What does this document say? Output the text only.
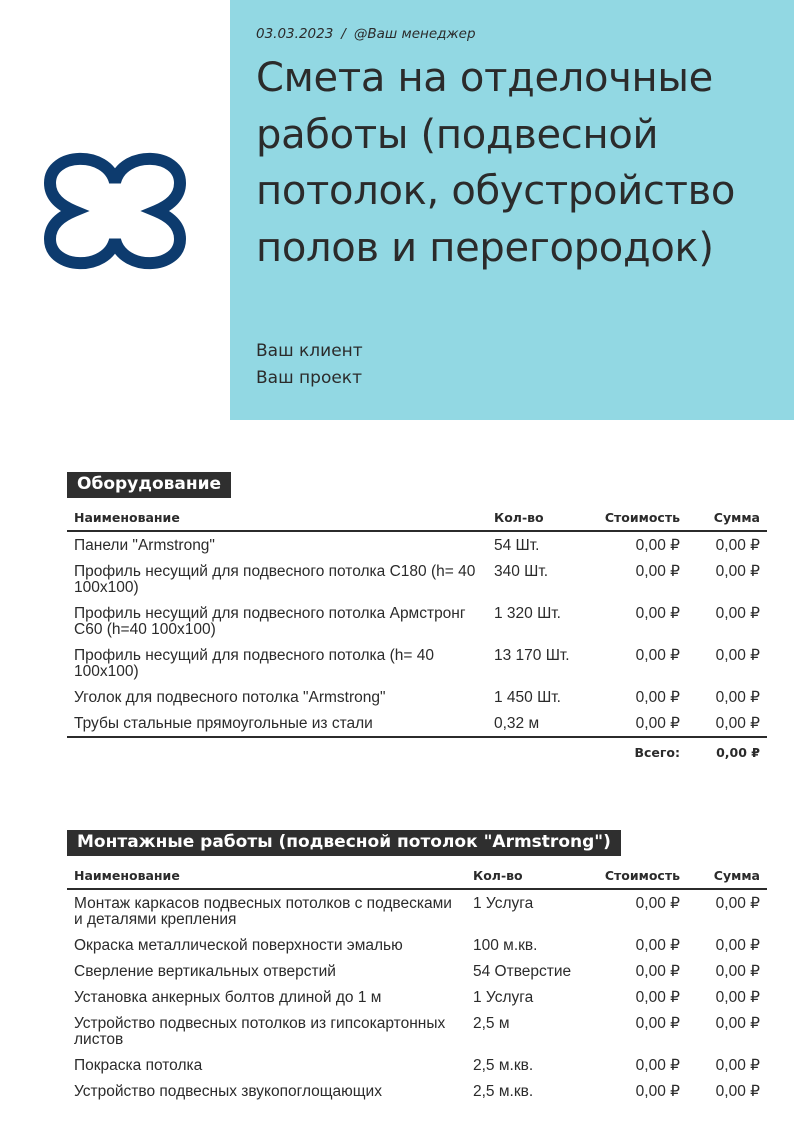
03.03.2023 / @Ваш менеджер
Смета на отделочные работы (подвесной потолок, обустройство полов и перегородок)
Ваш клиент
Ваш проект
Оборудование
Наименование	Кол-во	Стоимость	Сумма
Панели "Armstrong"	54 Шт.	0,00 ₽	0,00 ₽
Профиль несущий для подвесного потолка С180 (h= 40 100x100)	340 Шт.	0,00 ₽	0,00 ₽
Профиль несущий для подвесного потолка Армстронг С60 (h=40 100x100)	1 320 Шт.	0,00 ₽	0,00 ₽
Профиль несущий для подвесного потолка (h= 40 100x100)	13 170 Шт.	0,00 ₽	0,00 ₽
Уголок для подвесного потолка "Armstrong"	1 450 Шт.	0,00 ₽	0,00 ₽
Трубы стальные прямоугольные из стали	0,32 м	0,00 ₽	0,00 ₽
		Всего:	0,00 ₽
Монтажные работы (подвесной потолок "Armstrong")
Наименование	Кол-во	Стоимость	Сумма
Монтаж каркасов подвесных потолков с подвесками и деталями крепления	1 Услуга	0,00 ₽	0,00 ₽
Окраска металлической поверхности эмалью	100 м.кв.	0,00 ₽	0,00 ₽
Сверление вертикальных отверстий	54 Отверстие	0,00 ₽	0,00 ₽
Установка анкерных болтов длиной до 1 м	1 Услуга	0,00 ₽	0,00 ₽
Устройство подвесных потолков из гипсокартонных листов	2,5 м	0,00 ₽	0,00 ₽
Покраска потолка	2,5 м.кв.	0,00 ₽	0,00 ₽
Устройство подвесных звукопоглощающих	2,5 м.кв.	0,00 ₽	0,00 ₽
